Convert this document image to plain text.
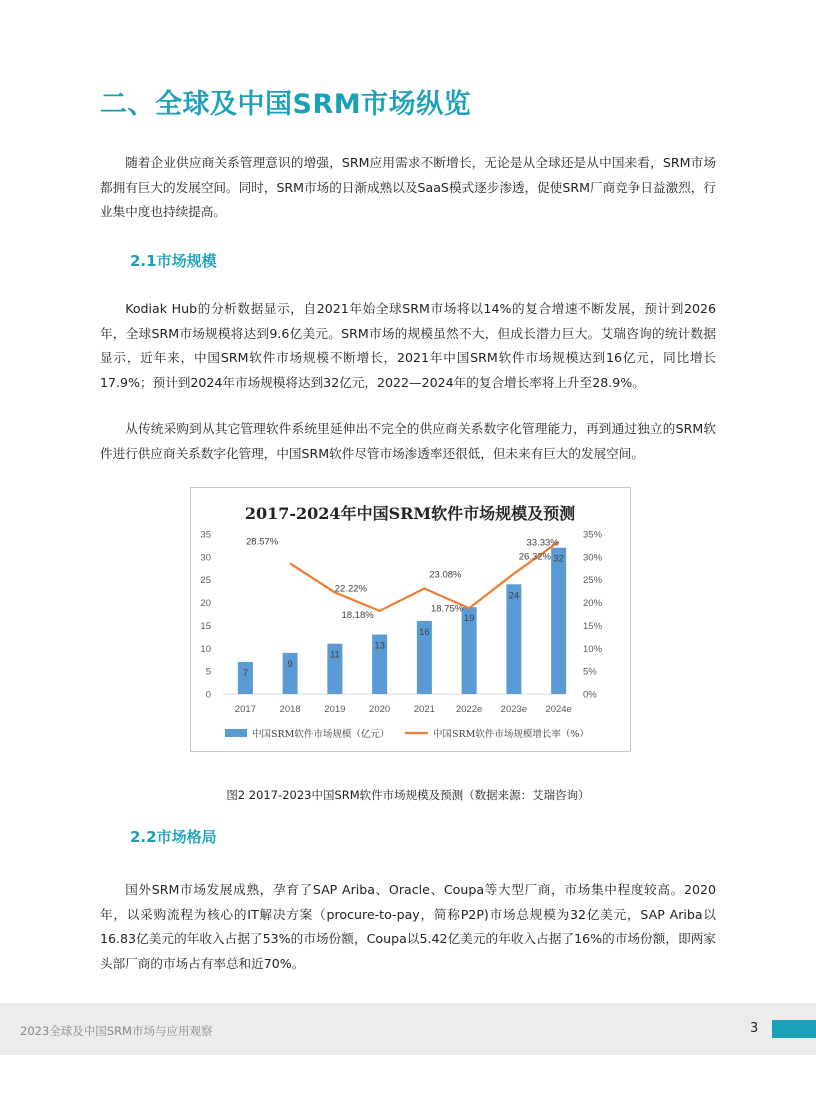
二、全球及中国SRM市场纵览

随着企业供应商关系管理意识的增强，SRM应用需求不断增长，无论是从全球还是从中国来看，SRM市场都拥有巨大的发展空间。同时，SRM市场的日渐成熟以及SaaS模式逐步渗透，促使SRM厂商竞争日益激烈，行业集中度也持续提高。

2.1市场规模

Kodiak Hub的分析数据显示，自2021年始全球SRM市场将以14%的复合增速不断发展，预计到2026年，全球SRM市场规模将达到9.6亿美元。SRM市场的规模虽然不大，但成长潜力巨大。艾瑞咨询的统计数据显示，近年来，中国SRM软件市场规模不断增长，2021年中国SRM软件市场规模达到16亿元，同比增长17.9%；预计到2024年市场规模将达到32亿元，2022—2024年的复合增长率将上升至28.9%。

从传统采购到从其它管理软件系统里延伸出不完全的供应商关系数字化管理能力，再到通过独立的SRM软件进行供应商关系数字化管理，中国SRM软件尽管市场渗透率还很低，但未来有巨大的发展空间。

2017-2024年中国SRM软件市场规模及预测
0
5
10
15
20
25
30
35
0%
5%
10%
15%
20%
25%
30%
35%
7
9
11
13
16
19
24
32
2017 2018 2019 2020 2021 2022e 2023e 2024e
28.57%
22.22%
18.18%
23.08%
18.75%
26.32%
33.33%
中国SRM软件市场规模（亿元）	中国SRM软件市场规模增长率（%）
图2 2017-2023中国SRM软件市场规模及预测（数据来源：艾瑞咨询）
2.2市场格局

国外SRM市场发展成熟，孕育了SAP Ariba、Oracle、Coupa等大型厂商，市场集中程度较高。2020年，以采购流程为核心的IT解决方案（procure-to-pay，简称P2P)市场总规模为32亿美元，SAP Ariba以16.83亿美元的年收入占据了53%的市场份额，Coupa以5.42亿美元的年收入占据了16%的市场份额，即两家头部厂商的市场占有率总和近70%。

2023全球及中国SRM市场与应用观察	3
